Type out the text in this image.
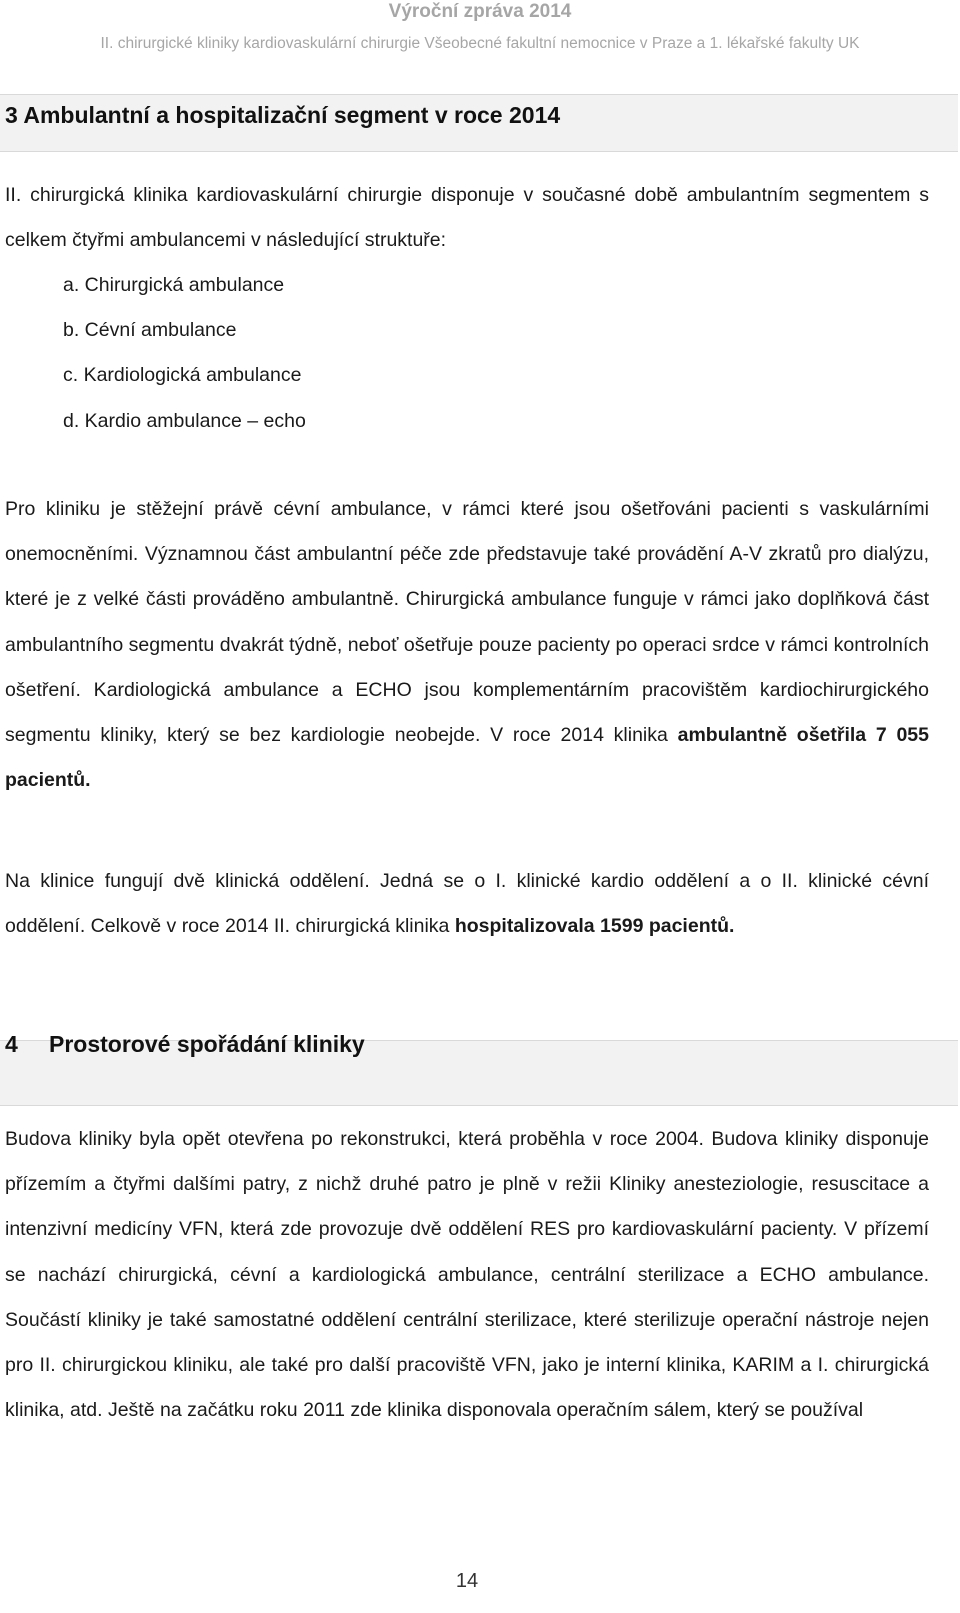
Výroční zpráva 2014
II. chirurgické kliniky kardiovaskulární chirurgie Všeobecné fakultní nemocnice v Praze a 1. lékařské fakulty UK
3 Ambulantní a hospitalizační segment v roce 2014
II. chirurgická klinika kardiovaskulární chirurgie disponuje v současné době ambulantním segmentem s celkem čtyřmi ambulancemi v následující struktuře:
a. Chirurgická ambulance
b. Cévní ambulance
c. Kardiologická ambulance
d. Kardio ambulance – echo
Pro kliniku je stěžejní právě cévní ambulance, v rámci které jsou ošetřováni pacienti s vaskulárními onemocněními. Významnou část ambulantní péče zde představuje také provádění A-V zkratů pro dialýzu, které je z velké části prováděno ambulantně. Chirurgická ambulance funguje v rámci jako doplňková část ambulantního segmentu dvakrát týdně, neboť ošetřuje pouze pacienty po operaci srdce v rámci kontrolních ošetření. Kardiologická ambulance a ECHO jsou komplementárním pracovištěm kardiochirurgického segmentu kliniky, který se bez kardiologie neobejde. V roce 2014 klinika ambulantně ošetřila 7 055 pacientů.
Na klinice fungují dvě klinická oddělení. Jedná se o I. klinické kardio oddělení a o II. klinické cévní oddělení. Celkově v roce 2014 II. chirurgická klinika hospitalizovala 1599 pacientů.
4 Prostorové spořádání kliniky
Budova kliniky byla opět otevřena po rekonstrukci, která proběhla v roce 2004. Budova kliniky disponuje přízemím a čtyřmi dalšími patry, z nichž druhé patro je plně v režii Kliniky anesteziologie, resuscitace a intenzivní medicíny VFN, která zde provozuje dvě oddělení RES pro kardiovaskulární pacienty. V přízemí se nachází chirurgická, cévní a kardiologická ambulance, centrální sterilizace a ECHO ambulance. Součástí kliniky je také samostatné oddělení centrální sterilizace, které sterilizuje operační nástroje nejen pro II. chirurgickou kliniku, ale také pro další pracoviště VFN, jako je interní klinika, KARIM a I. chirurgická klinika, atd. Ještě na začátku roku 2011 zde klinika disponovala operačním sálem, který se používal
14
